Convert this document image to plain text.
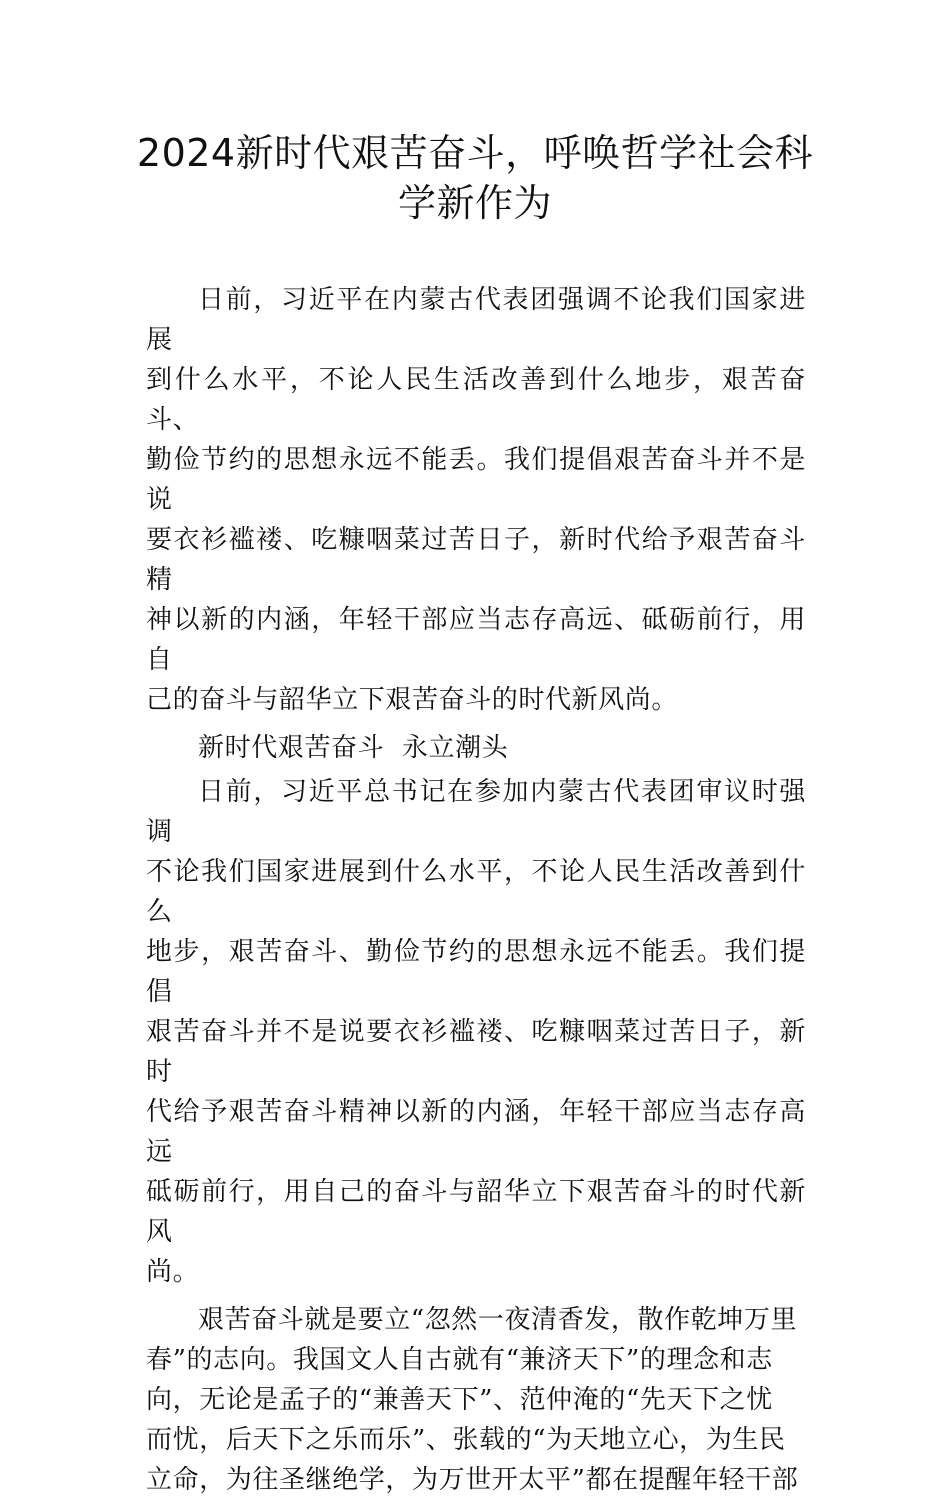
2024新时代艰苦奋斗，呼唤哲学社会科学新作为

日前，习近平在内蒙古代表团强调不论我们国家进展
到什么水平，不论人民生活改善到什么地步，艰苦奋斗、
勤俭节约的思想永远不能丢。我们提倡艰苦奋斗并不是说
要衣衫褴褛、吃糠咽菜过苦日子，新时代给予艰苦奋斗精
神以新的内涵，年轻干部应当志存高远、砥砺前行，用自
己的奋斗与韶华立下艰苦奋斗的时代新风尚。

新时代艰苦奋斗  永立潮头

日前，习近平总书记在参加内蒙古代表团审议时强调
不论我们国家进展到什么水平，不论人民生活改善到什么
地步，艰苦奋斗、勤俭节约的思想永远不能丢。我们提倡
艰苦奋斗并不是说要衣衫褴褛、吃糠咽菜过苦日子，新时
代给予艰苦奋斗精神以新的内涵，年轻干部应当志存高远
砥砺前行，用自己的奋斗与韶华立下艰苦奋斗的时代新风
尚。

艰苦奋斗就是要立“忽然一夜清香发，散作乾坤万里
春”的志向。我国文人自古就有“兼济天下”的理念和志
向，无论是孟子的“兼善天下”、范仲淹的“先天下之忧
而忧，后天下之乐而乐”、张载的“为天地立心，为生民
立命，为往圣继绝学，为万世开太平”都在提醒年轻干部
